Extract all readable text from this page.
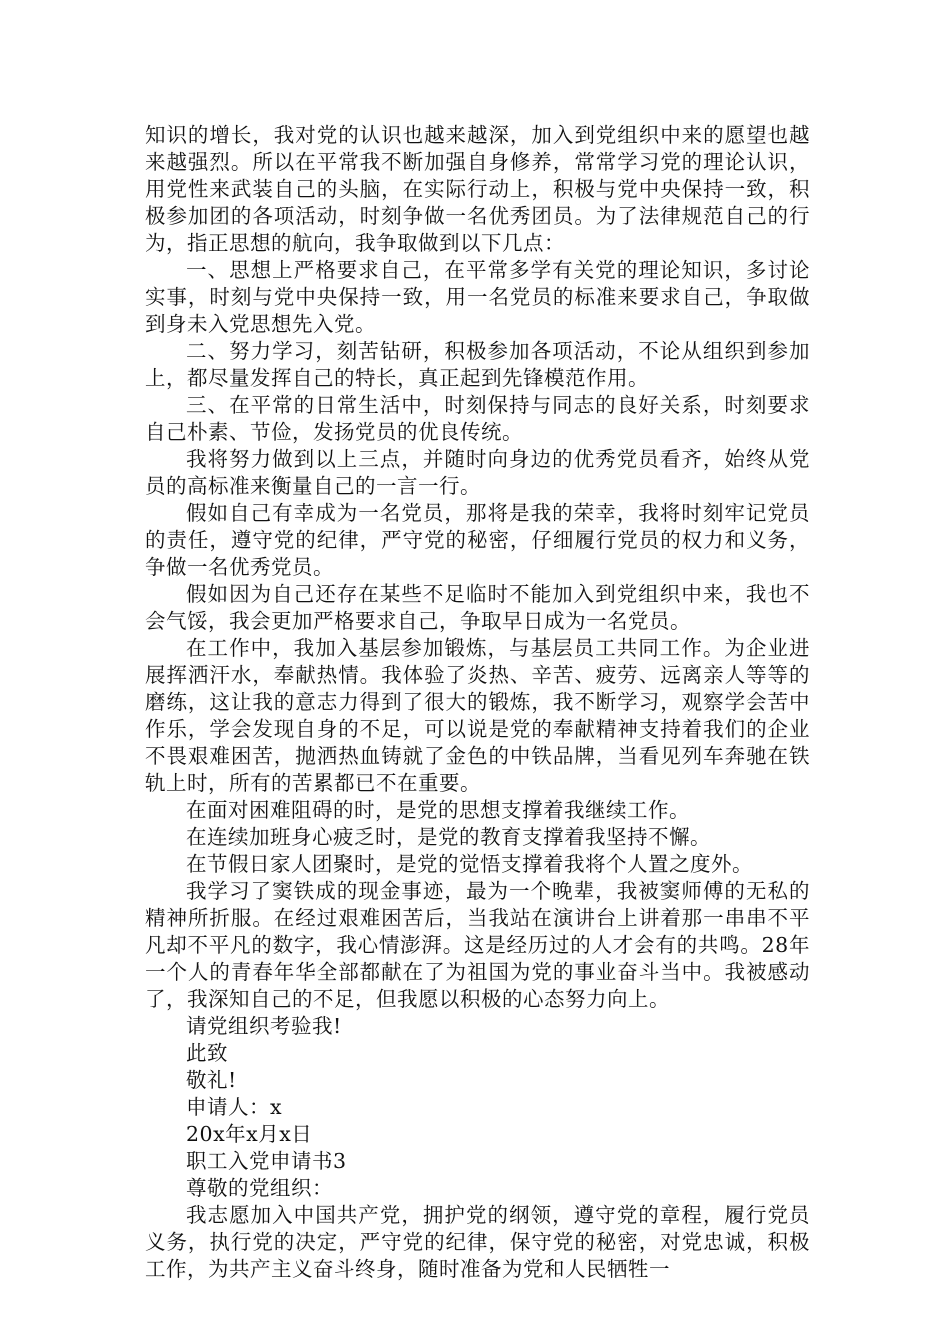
知识的增长，我对党的认识也越来越深，加入到党组织中来的愿望也越来越强烈。所以在平常我不断加强自身修养，常常学习党的理论认识，用党性来武装自己的头脑，在实际行动上，积极与党中央保持一致，积极参加团的各项活动，时刻争做一名优秀团员。为了法律规范自己的行为，指正思想的航向，我争取做到以下几点：

一、思想上严格要求自己，在平常多学有关党的理论知识，多讨论实事，时刻与党中央保持一致，用一名党员的标准来要求自己，争取做到身未入党思想先入党。

二、努力学习，刻苦钻研，积极参加各项活动，不论从组织到参加上，都尽量发挥自己的特长，真正起到先锋模范作用。

三、在平常的日常生活中，时刻保持与同志的良好关系，时刻要求自己朴素、节俭，发扬党员的优良传统。

我将努力做到以上三点，并随时向身边的优秀党员看齐，始终从党员的高标准来衡量自己的一言一行。

假如自己有幸成为一名党员，那将是我的荣幸，我将时刻牢记党员的责任，遵守党的纪律，严守党的秘密，仔细履行党员的权力和义务，争做一名优秀党员。

假如因为自己还存在某些不足临时不能加入到党组织中来，我也不会气馁，我会更加严格要求自己，争取早日成为一名党员。

在工作中，我加入基层参加锻炼，与基层员工共同工作。为企业进展挥洒汗水，奉献热情。我体验了炎热、辛苦、疲劳、远离亲人等等的磨练，这让我的意志力得到了很大的锻炼，我不断学习，观察学会苦中作乐，学会发现自身的不足，可以说是党的奉献精神支持着我们的企业不畏艰难困苦，抛洒热血铸就了金色的中铁品牌，当看见列车奔驰在铁轨上时，所有的苦累都已不在重要。

在面对困难阻碍的时，是党的思想支撑着我继续工作。

在连续加班身心疲乏时，是党的教育支撑着我坚持不懈。

在节假日家人团聚时，是党的觉悟支撑着我将个人置之度外。

我学习了窦铁成的现金事迹，最为一个晚辈，我被窦师傅的无私的精神所折服。在经过艰难困苦后，当我站在演讲台上讲着那一串串不平凡却不平凡的数字，我心情澎湃。这是经历过的人才会有的共鸣。28年一个人的青春年华全部都献在了为祖国为党的事业奋斗当中。我被感动了，我深知自己的不足，但我愿以积极的心态努力向上。

请党组织考验我!

此致

敬礼!

申请人：x

20x年x月x日

职工入党申请书3

尊敬的党组织：

我志愿加入中国共产党，拥护党的纲领，遵守党的章程，履行党员义务，执行党的决定，严守党的纪律，保守党的秘密，对党忠诚，积极工作，为共产主义奋斗终身，随时准备为党和人民牺牲一
